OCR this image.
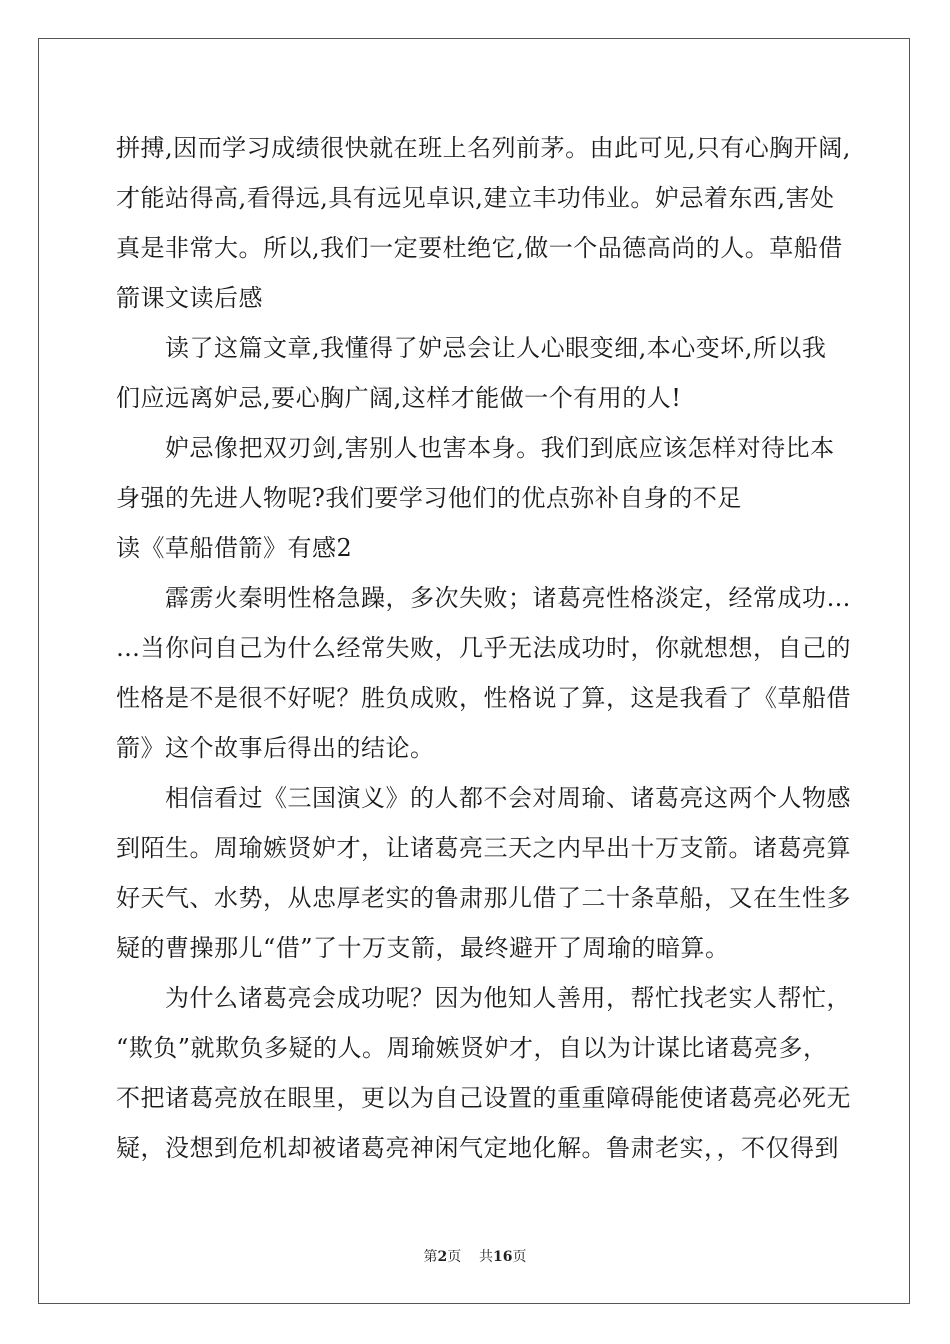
拼搏,因而学习成绩很快就在班上名列前茅。由此可见,只有心胸开阔,
才能站得高,看得远,具有远见卓识,建立丰功伟业。妒忌着东西,害处
真是非常大。所以,我们一定要杜绝它,做一个品德高尚的人。草船借
箭课文读后感
　　读了这篇文章,我懂得了妒忌会让人心眼变细,本心变坏,所以我
们应远离妒忌,要心胸广阔,这样才能做一个有用的人!
　　妒忌像把双刃剑,害别人也害本身。我们到底应该怎样对待比本
身强的先进人物呢?我们要学习他们的优点弥补自身的不足
读《草船借箭》有感2
　　霹雳火秦明性格急躁，多次失败；诸葛亮性格淡定，经常成功…
…当你问自己为什么经常失败，几乎无法成功时，你就想想，自己的
性格是不是很不好呢？胜负成败，性格说了算，这是我看了《草船借
箭》这个故事后得出的结论。
　　相信看过《三国演义》的人都不会对周瑜、诸葛亮这两个人物感
到陌生。周瑜嫉贤妒才，让诸葛亮三天之内早出十万支箭。诸葛亮算
好天气、水势，从忠厚老实的鲁肃那儿借了二十条草船，又在生性多
疑的曹操那儿“借”了十万支箭，最终避开了周瑜的暗算。
　　为什么诸葛亮会成功呢？因为他知人善用，帮忙找老实人帮忙，
“欺负”就欺负多疑的人。周瑜嫉贤妒才，自以为计谋比诸葛亮多，
不把诸葛亮放在眼里，更以为自己设置的重重障碍能使诸葛亮必死无
疑，没想到危机却被诸葛亮神闲气定地化解。鲁肃老实，，不仅得到
第2页    共16页
